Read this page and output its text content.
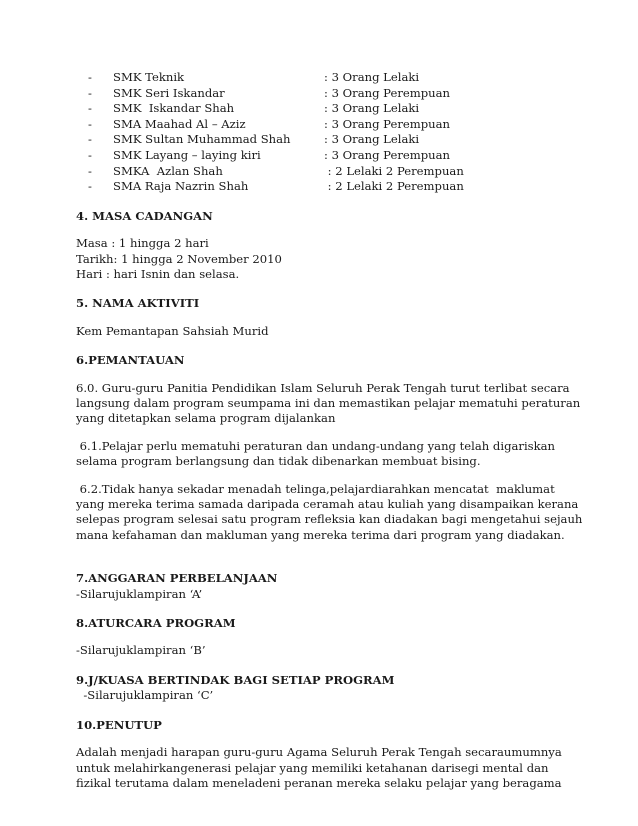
-	SMK Teknik	: 3 Orang Lelaki
-	SMK Seri Iskandar	: 3 Orang Perempuan
-	SMK  Iskandar Shah	: 3 Orang Lelaki
-	SMA Maahad Al – Aziz	: 3 Orang Perempuan
-	SMK Sultan Muhammad Shah	: 3 Orang Lelaki
-	SMK Layang – laying kiri	: 3 Orang Perempuan
-	SMKA  Azlan Shah	: 2 Lelaki 2 Perempuan
-	SMA Raja Nazrin Shah	: 2 Lelaki 2 Perempuan

4. MASA CADANGAN

Masa : 1 hingga 2 hari
Tarikh: 1 hingga 2 November 2010
Hari : hari Isnin dan selasa.

5. NAMA AKTIVITI

Kem Pemantapan Sahsiah Murid

6.PEMANTAUAN

6.0. Guru-guru Panitia Pendidikan Islam Seluruh Perak Tengah turut terlibat secara
langsung dalam program seumpama ini dan memastikan pelajar mematuhi peraturan
yang ditetapkan selama program dijalankan

6.1.Pelajar perlu mematuhi peraturan dan undang-undang yang telah digariskan
selama program berlangsung dan tidak dibenarkan membuat bising.

6.2.Tidak hanya sekadar menadah telinga,pelajardiarahkan mencatat  maklumat
yang mereka terima samada daripada ceramah atau kuliah yang disampaikan kerana
selepas program selesai satu program refleksia kan diadakan bagi mengetahui sejauh
mana kefahaman dan makluman yang mereka terima dari program yang diadakan.

7.ANGGARAN PERBELANJAAN

-Silarujuklampiran ‘A’

8.ATURCARA PROGRAM

-Silarujuklampiran ‘B’

9.J/KUASA BERTINDAK BAGI SETIAP PROGRAM

-Silarujuklampiran ‘C’

10.PENUTUP

Adalah menjadi harapan guru-guru Agama Seluruh Perak Tengah secaraumumnya
untuk melahirkangenerasi pelajar yang memiliki ketahanan darisegi mental dan
fizikal terutama dalam meneladeni peranan mereka selaku pelajar yang beragama
